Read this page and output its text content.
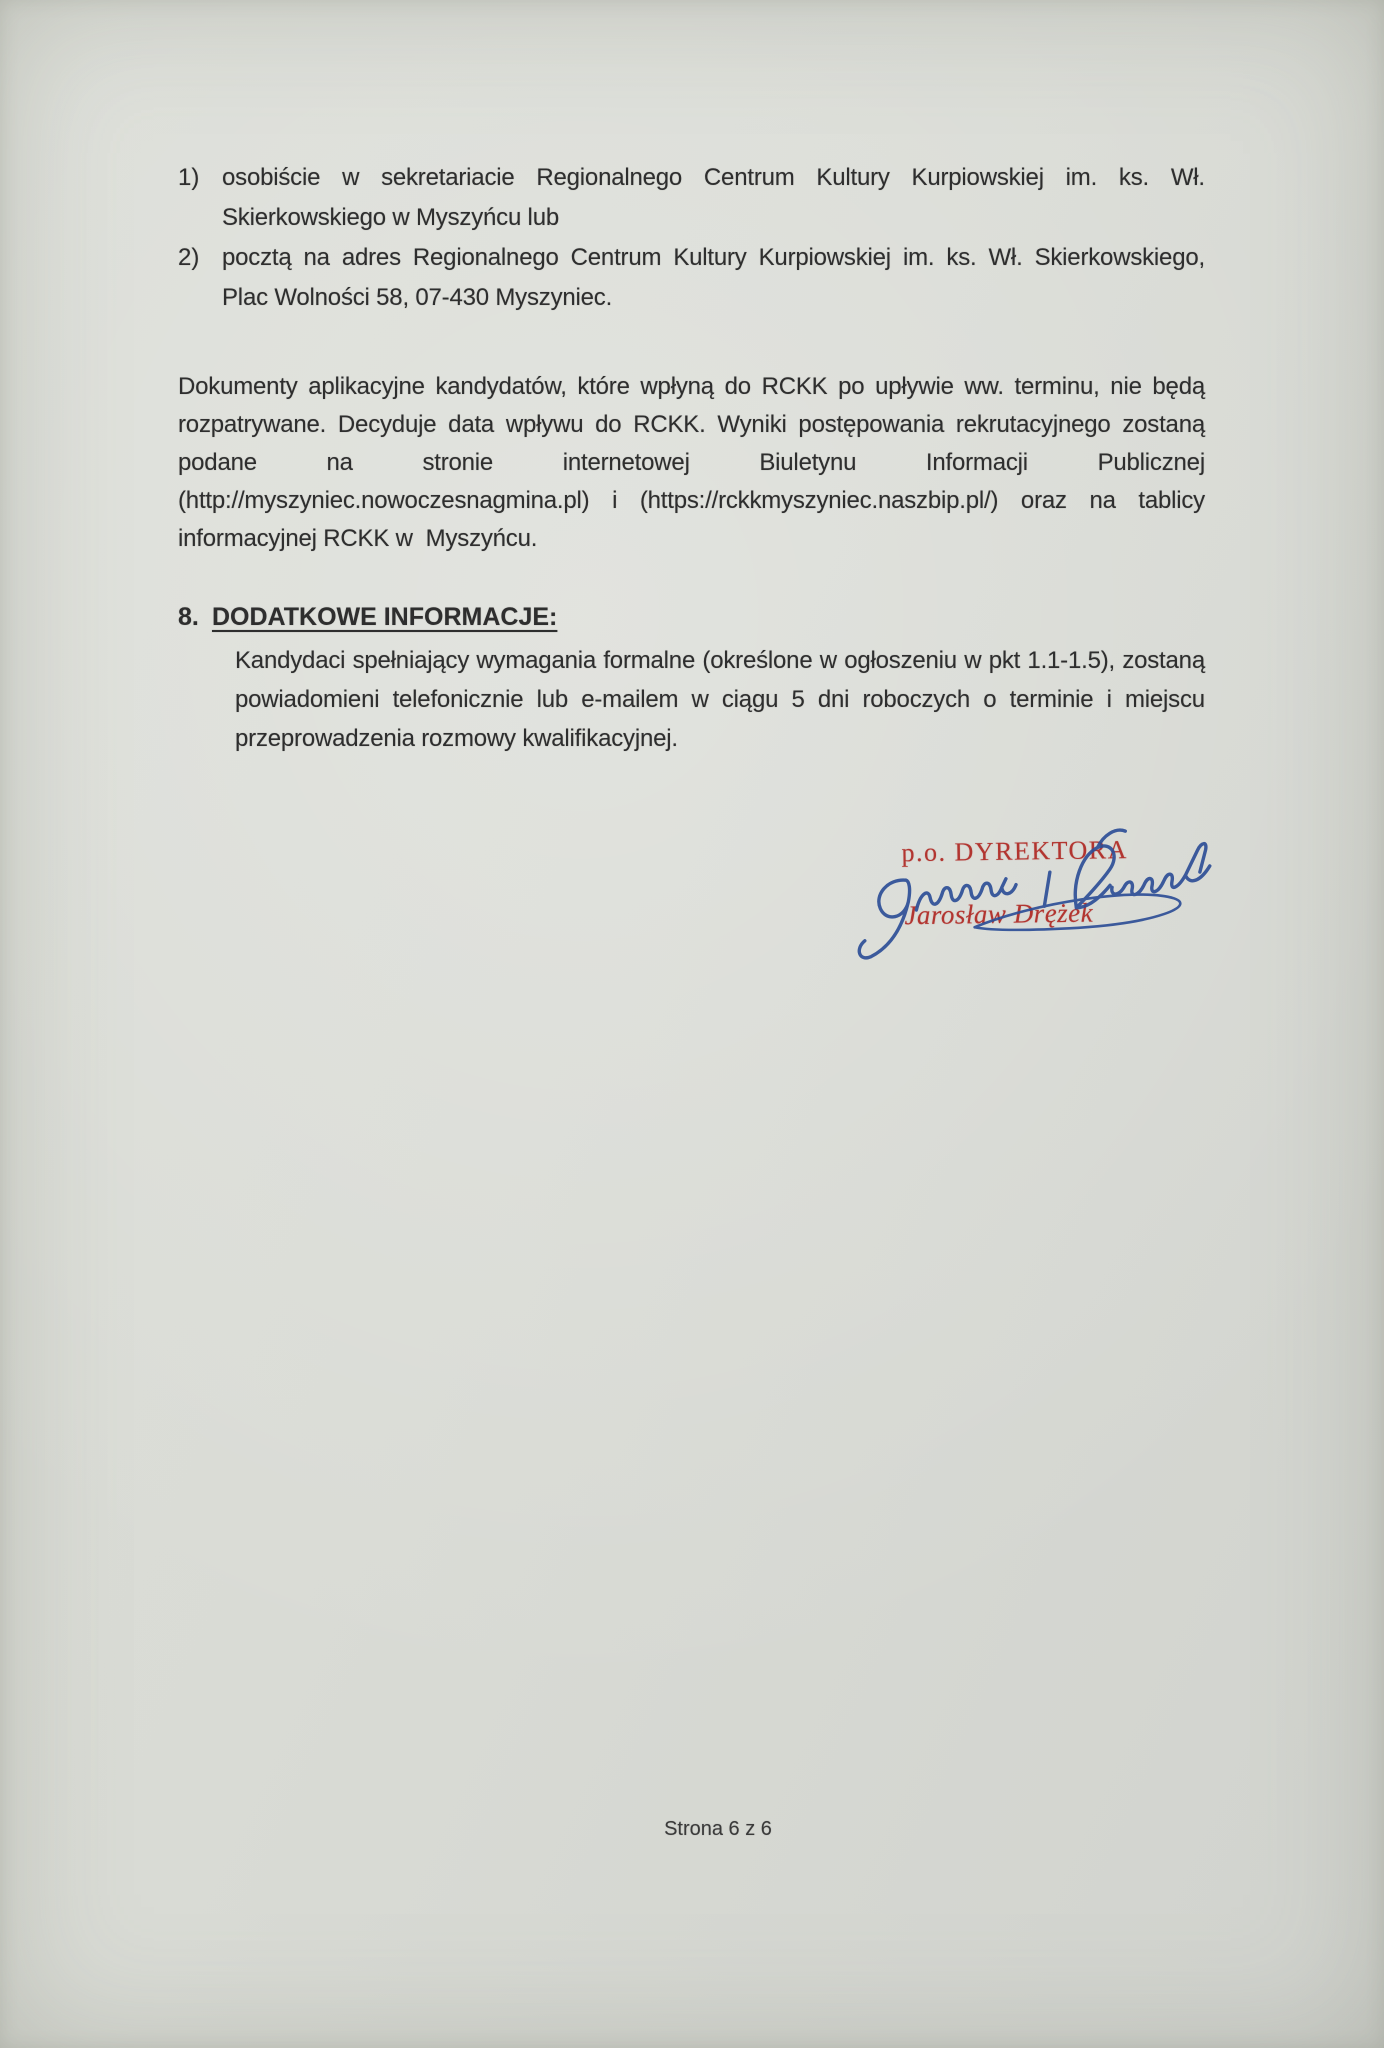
1) osobiście w sekretariacie Regionalnego Centrum Kultury Kurpiowskiej im. ks. Wł.
Skierkowskiego w Myszyńcu lub
2) pocztą na adres Regionalnego Centrum Kultury Kurpiowskiej im. ks. Wł. Skierkowskiego,
Plac Wolności 58, 07-430 Myszyniec.
Dokumenty aplikacyjne kandydatów, które wpłyną do RCKK po upływie ww. terminu, nie będą
rozpatrywane. Decyduje data wpływu do RCKK. Wyniki postępowania rekrutacyjnego zostaną
podane	na	stronie	internetowej	Biuletynu	Informacji	Publicznej
(http://myszyniec.nowoczesnagmina.pl) i (https://rckkmyszyniec.naszbip.pl/) oraz na tablicy
informacyjnej RCKK w  Myszyńcu.
8. DODATKOWE INFORMACJE:
Kandydaci spełniający wymagania formalne (określone w ogłoszeniu w pkt 1.1-1.5), zostaną
powiadomieni telefonicznie lub e-mailem w ciągu 5 dni roboczych o terminie i miejscu
przeprowadzenia rozmowy kwalifikacyjnej.
p.o. DYREKTORA
Jarosław Drężek
Strona 6 z 6
